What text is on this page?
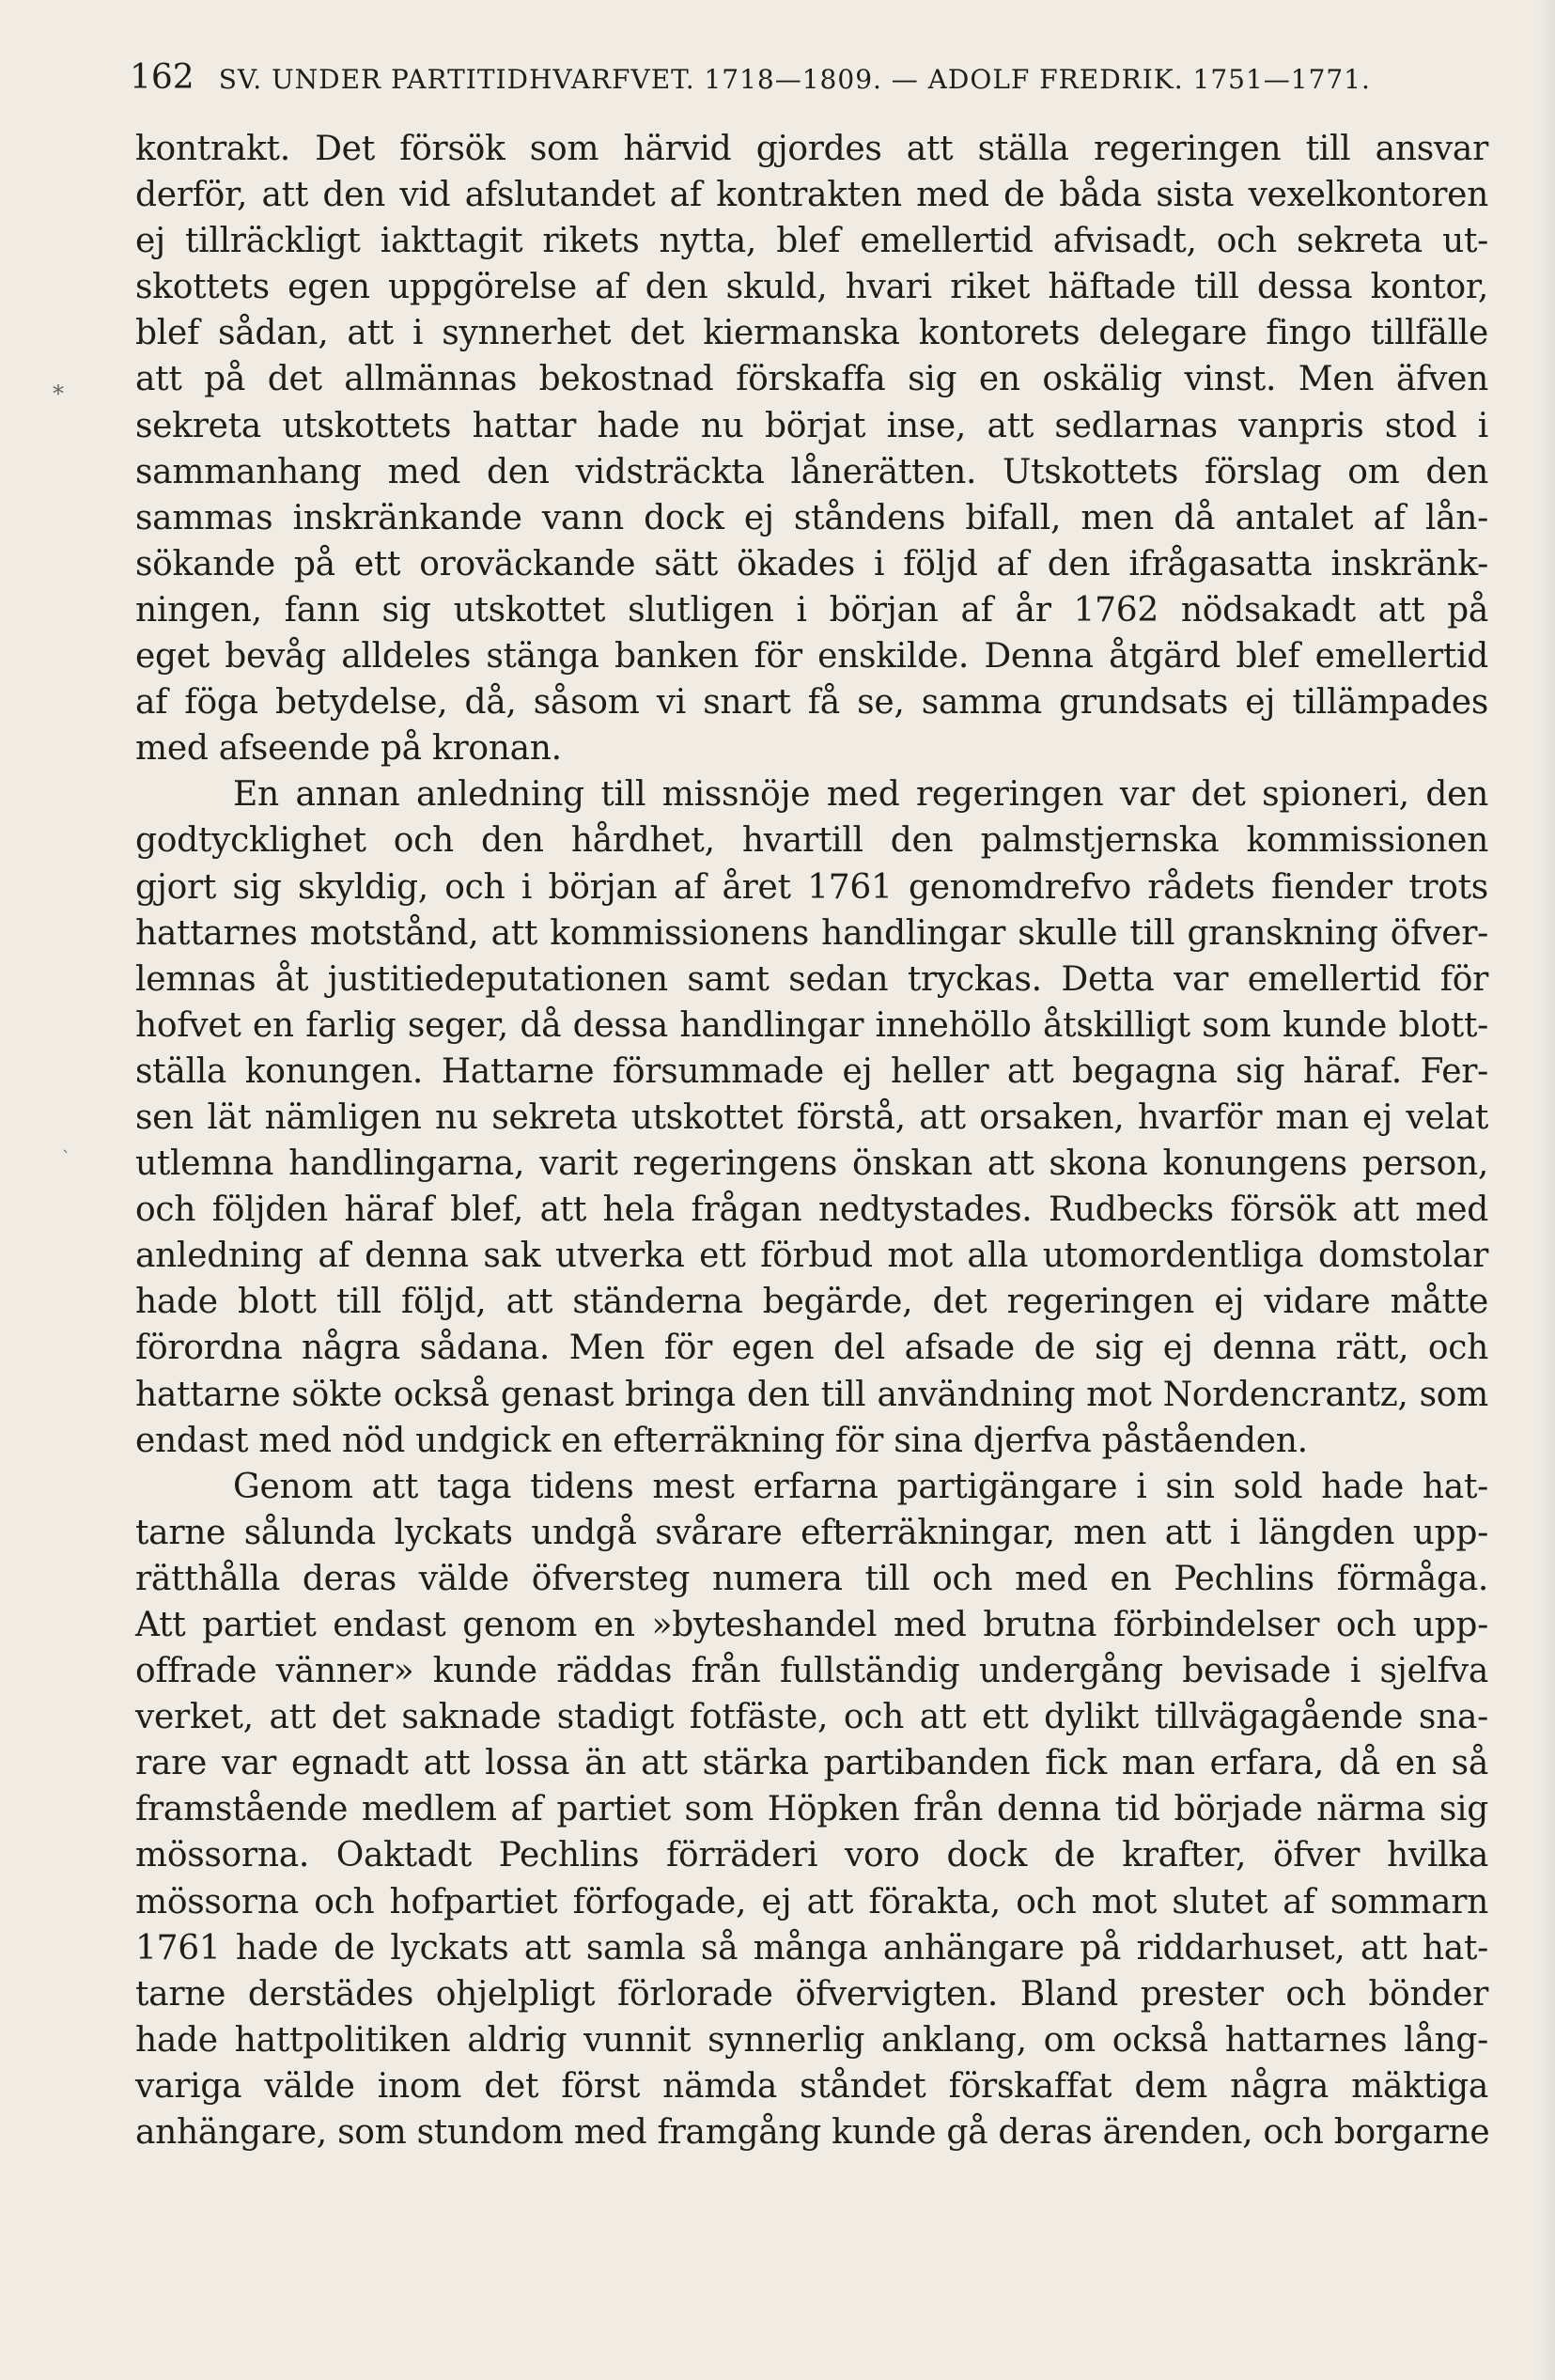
162 SV. UNDER PARTITIDHVARFVET. 1718—1809. — ADOLF FREDRIK. 1751—1771.
*
ˋ
kontrakt. Det försök som härvid gjordes att ställa regeringen till ansvar
derför, att den vid afslutandet af kontrakten med de båda sista vexelkontoren
ej tillräckligt iakttagit rikets nytta, blef emellertid afvisadt, och sekreta ut-
skottets egen uppgörelse af den skuld, hvari riket häftade till dessa kontor,
blef sådan, att i synnerhet det kiermanska kontorets delegare fingo tillfälle
att på det allmännas bekostnad förskaffa sig en oskälig vinst. Men äfven
sekreta utskottets hattar hade nu börjat inse, att sedlarnas vanpris stod i
sammanhang med den vidsträckta lånerätten. Utskottets förslag om den
sammas inskränkande vann dock ej ståndens bifall, men då antalet af lån-
sökande på ett oroväckande sätt ökades i följd af den ifrågasatta inskränk-
ningen, fann sig utskottet slutligen i början af år 1762 nödsakadt att på
eget bevåg alldeles stänga banken för enskilde. Denna åtgärd blef emellertid
af föga betydelse, då, såsom vi snart få se, samma grundsats ej tillämpades
med afseende på kronan.
En annan anledning till missnöje med regeringen var det spioneri, den
godtycklighet och den hårdhet, hvartill den palmstjernska kommissionen
gjort sig skyldig, och i början af året 1761 genomdrefvo rådets fiender trots
hattarnes motstånd, att kommissionens handlingar skulle till granskning öfver-
lemnas åt justitiedeputationen samt sedan tryckas. Detta var emellertid för
hofvet en farlig seger, då dessa handlingar innehöllo åtskilligt som kunde blott-
ställa konungen. Hattarne försummade ej heller att begagna sig häraf. Fer-
sen lät nämligen nu sekreta utskottet förstå, att orsaken, hvarför man ej velat
utlemna handlingarna, varit regeringens önskan att skona konungens person,
och följden häraf blef, att hela frågan nedtystades. Rudbecks försök att med
anledning af denna sak utverka ett förbud mot alla utomordentliga domstolar
hade blott till följd, att ständerna begärde, det regeringen ej vidare måtte
förordna några sådana. Men för egen del afsade de sig ej denna rätt, och
hattarne sökte också genast bringa den till användning mot Nordencrantz, som
endast med nöd undgick en efterräkning för sina djerfva påståenden.
Genom att taga tidens mest erfarna partigängare i sin sold hade hat-
tarne sålunda lyckats undgå svårare efterräkningar, men att i längden upp-
rätthålla deras välde öfversteg numera till och med en Pechlins förmåga.
Att partiet endast genom en »byteshandel med brutna förbindelser och upp-
offrade vänner» kunde räddas från fullständig undergång bevisade i sjelfva
verket, att det saknade stadigt fotfäste, och att ett dylikt tillvägagående sna-
rare var egnadt att lossa än att stärka partibanden fick man erfara, då en så
framstående medlem af partiet som Höpken från denna tid började närma sig
mössorna. Oaktadt Pechlins förräderi voro dock de krafter, öfver hvilka
mössorna och hofpartiet förfogade, ej att förakta, och mot slutet af sommarn
1761 hade de lyckats att samla så många anhängare på riddarhuset, att hat-
tarne derstädes ohjelpligt förlorade öfvervigten. Bland prester och bönder
hade hattpolitiken aldrig vunnit synnerlig anklang, om också hattarnes lång-
variga välde inom det först nämda ståndet förskaffat dem några mäktiga
anhängare, som stundom med framgång kunde gå deras ärenden, och borgarne
